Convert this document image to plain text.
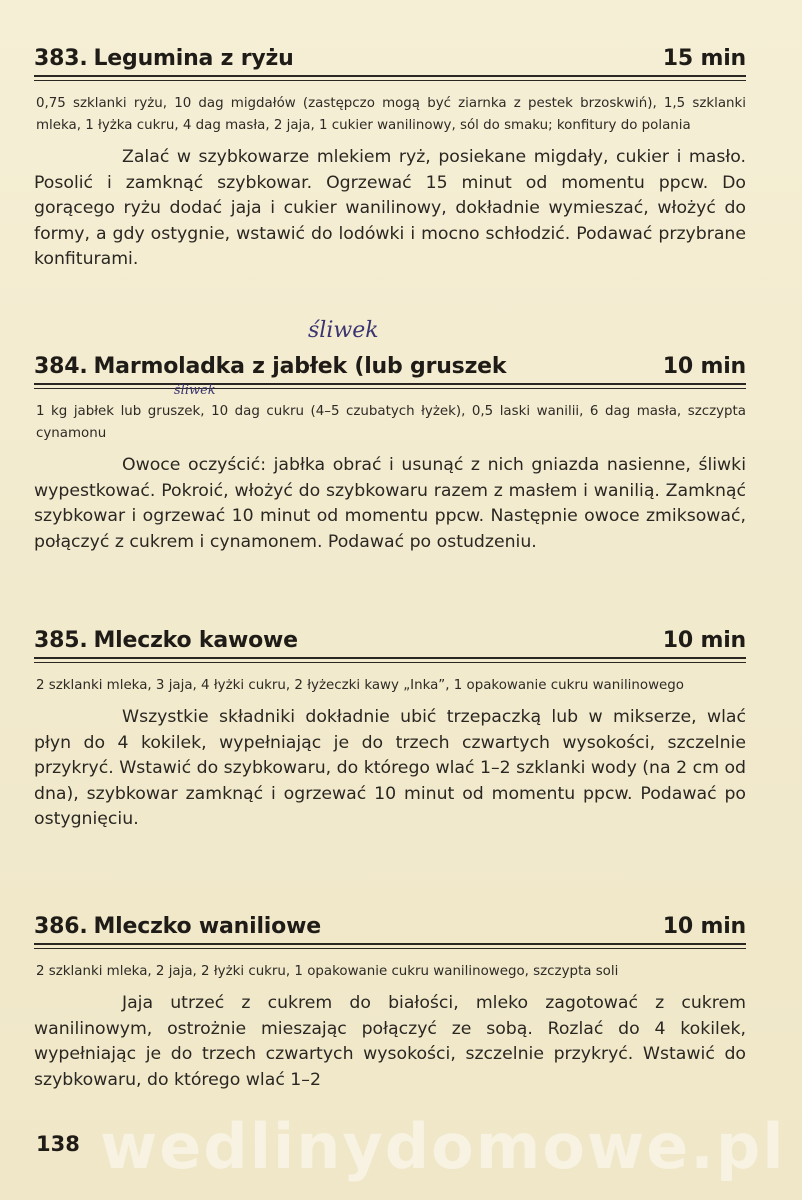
383. Legumina z ryżu	15 min
0,75 szklanki ryżu, 10 dag migdałów (zastępczo mogą być ziarnka z pestek brzoskwiń), 1,5 szklanki mleka, 1 łyżka cukru, 4 dag masła, 2 jaja, 1 cukier wanilinowy, sól do smaku; konfitury do polania
Zalać w szybkowarze mlekiem ryż, posiekane migdały, cukier i masło. Posolić i zamknąć szybkowar. Ogrzewać 15 minut od momentu ppcw. Do gorącego ryżu dodać jaja i cukier wanilinowy, dokładnie wymieszać, włożyć do formy, a gdy ostygnie, wstawić do lodówki i mocno schłodzić. Podawać przybrane konfiturami.
śliwek
384. Marmoladka z jabłek (lub gruszek	10 min
1 kg jabłek lub gruszek, 10 dag cukru (4–5 czubatych łyżek), 0,5 laski wanilii, 6 dag masła, szczypta cynamonu
Owoce oczyścić: jabłka obrać i usunąć z nich gniazda nasienne, śliwki wypestkować. Pokroić, włożyć do szybkowaru razem z masłem i wanilią. Zamknąć szybkowar i ogrzewać 10 minut od momentu ppcw. Następnie owoce zmiksować, połączyć z cukrem i cynamonem. Podawać po ostudzeniu.
śliwek
385. Mleczko kawowe	10 min
2 szklanki mleka, 3 jaja, 4 łyżki cukru, 2 łyżeczki kawy „Inka”, 1 opakowanie cukru wanilinowego
Wszystkie składniki dokładnie ubić trzepaczką lub w mikserze, wlać płyn do 4 kokilek, wypełniając je do trzech czwartych wysokości, szczelnie przykryć. Wstawić do szybkowaru, do którego wlać 1–2 szklanki wody (na 2 cm od dna), szybkowar zamknąć i ogrzewać 10 minut od momentu ppcw. Podawać po ostygnięciu.
386. Mleczko waniliowe	10 min
2 szklanki mleka, 2 jaja, 2 łyżki cukru, 1 opakowanie cukru wanilinowego, szczypta soli
Jaja utrzeć z cukrem do białości, mleko zagotować z cukrem wanilinowym, ostrożnie mieszając połączyć ze sobą. Rozlać do 4 kokilek, wypełniając je do trzech czwartych wysokości, szczelnie przykryć. Wstawić do szybkowaru, do którego wlać 1–2
wedlinydomowe.pl
138
